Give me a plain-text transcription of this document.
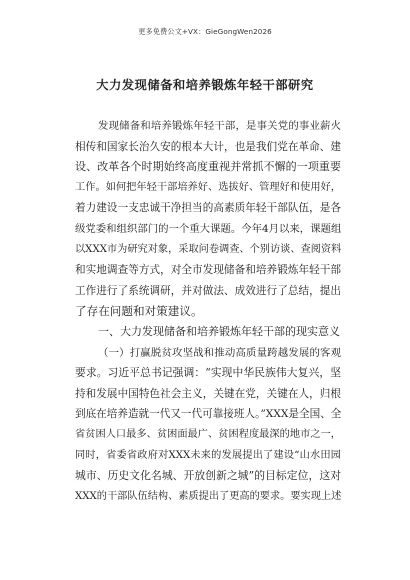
更多免费公文+VX：GieGongWen2026
大力发现储备和培养锻炼年轻干部研究
发现储备和培养锻炼年轻干部，是事关党的事业薪火
相传和国家长治久安的根本大计，也是我们党在革命、建
设、改革各个时期始终高度重视并常抓不懈的一项重要
工作。如何把年轻干部培养好、选拔好、管理好和使用好，
着力建设一支忠诚干净担当的高素质年轻干部队伍，是各
级党委和组织部门的一个重大课题。今年4月以来，课题组
以XXX市为研究对象，采取问卷调查、个别访谈、查阅资料
和实地调查等方式，对全市发现储备和培养锻炼年轻干部
工作进行了系统调研，并对做法、成效进行了总结，提出
了存在问题和对策建议。
一、大力发现储备和培养锻炼年轻干部的现实意义
（一）打赢脱贫攻坚战和推动高质量跨越发展的客观
要求。习近平总书记强调：“实现中华民族伟大复兴，坚
持和发展中国特色社会主义，关键在党，关键在人，归根
到底在培养造就一代又一代可靠接班人。”XXX是全国、全
省贫困人口最多、贫困面最广、贫困程度最深的地市之一，
同时，省委省政府对XXX未来的发展提出了建设“山水田园
城市、历史文化名城、开放创新之城”的目标定位，这对
XXX的干部队伍结构、素质提出了更高的要求。要实现上述
